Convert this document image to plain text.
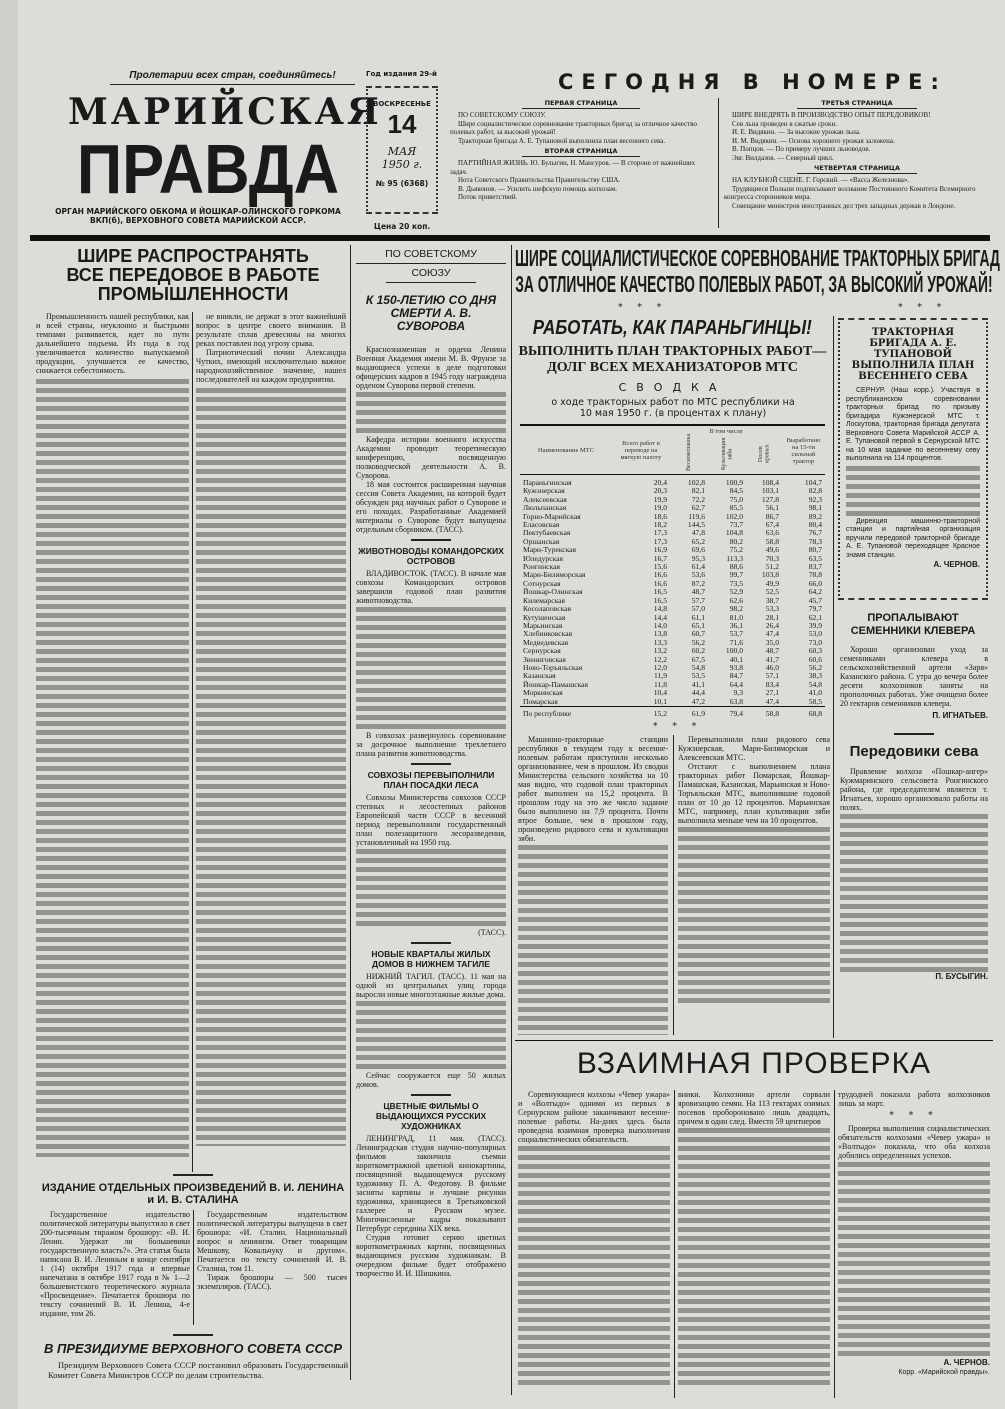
Пролетарии всех стран, соединяйтесь!
МАРИЙСКАЯ
ПРАВДА
ОРГАН МАРИЙСКОГО ОБКОМА И ЙОШКАР-ОЛИНСКОГО ГОРКОМА ВКП(б), ВЕРХОВНОГО СОВЕТА МАРИЙСКОЙ АССР.
Год издания 29-й
ВОСКРЕСЕНЬЕ
14
МАЯ
1950 г.
№ 95 (6368)
Цена 20 коп.
СЕГОДНЯ В НОМЕРЕ:
ПЕРВАЯ СТРАНИЦА
ПО СОВЕТСКОМУ СОЮЗУ.
Шире социалистическое соревнование тракторных бригад за отличное качество полевых работ, за высокий урожай!
Тракторная бригада А. Е. Тупановой выполнила план весеннего сева.
ВТОРАЯ СТРАНИЦА
ПАРТИЙНАЯ ЖИЗНЬ. Ю. Булыгин, Н. Мансуров. — В стороне от важнейших задач.
Нота Советского Правительства Правительству США.
В. Дьяконов. — Усилить шефскую помощь колхозам.
Поток приветствий.
ТРЕТЬЯ СТРАНИЦА
ШИРЕ ВНЕДРЯТЬ В ПРОИЗВОДСТВО ОПЫТ ПЕРЕДОВИКОВ!
Сев льна проведен в сжатые сроки.
И. Е. Видякин. — За высокие урожаи льна.
И. М. Видякин. — Основа хорошего урожая заложена.
В. Попцов. — По примеру лучших льноводов.
Эвг. Вилдазов. — Северный цикл.
ЧЕТВЕРТАЯ СТРАНИЦА
НА КЛУБНОЙ СЦЕНЕ. Г. Горский. — «Васса Железнова».
Трудящиеся Польши подписывают воззвание Постоянного Комитета Всемирного конгресса сторонников мира.
Совещание министров иностранных дел трех западных держав в Лондоне.
ШИРЕ РАСПРОСТРАНЯТЬ ВСЕ ПЕРЕДОВОЕ В РАБОТЕ ПРОМЫШЛЕННОСТИ

Промышленность нашей республики, как и всей страны, неуклонно и быстрыми темпами развивается, идет по пути дальнейшего подъема. Из года в год увеличивается количество выпускаемой продукции, улучшается ее качество, снижается себестоимость.

не вникли, не держат в этот важнейший вопрос в центре своего внимания. В результате сплав древесины на многих реках поставлен под угрозу срыва.

Патриотический почин Александра Чутких, имеющий исключительно важное народнохозяйственное значение, нашел последователей на каждом предприятии.

ИЗДАНИЕ ОТДЕЛЬНЫХ ПРОИЗВЕДЕНИЙ В. И. ЛЕНИНА и И. В. СТАЛИНА
Государственное издательство политической литературы выпустило в свет 200-тысячным тиражом брошюру: «В. И. Ленин. Удержат ли большевики государственную власть?». Эта статья была написана В. И. Лениным в конце сентября 1 (14) октября 1917 года и впервые напечатана в октябре 1917 года в № 1—2 большевистского теоретического журнала «Просвещение». Печатается брошюра по тексту сочинений В. И. Ленина, 4-е издание, том 26.

Государственным издательством политической литературы выпущена в свет брошюра: «И. Сталин. Национальный вопрос и ленинизм. Ответ товарищам Мешкову, Ковальчуку и другим». Печатается по тексту сочинений И. В. Сталина, том 11.

Тираж брошюры — 500 тысяч экземпляров. (ТАСС).

В ПРЕЗИДИУМЕ ВЕРХОВНОГО СОВЕТА СССР
Президиум Верховного Совета СССР постановил образовать Государственный Комитет Совета Министров СССР по делам строительства.
ПО СОВЕТСКОМУ
СОЮЗУ
К 150-ЛЕТИЮ СО ДНЯ СМЕРТИ А. В. СУВОРОВА

Краснознаменная и ордена Ленина Военная Академия имени М. В. Фрунзе за выдающиеся успехи в деле подготовки офицерских кадров в 1945 году награждена орденом Суворова первой степени.

Кафедра истории военного искусства Академии проводит теоретическую конференцию, посвященную полководческой деятельности А. В. Суворова.

18 мая состоится расширенная научная сессия Совета Академии, на которой будет обсужден ряд научных работ о Суворове и его походах. Разработанные Академией материалы о Суворове будут выпущены отдельным сборником. (ТАСС).

ЖИВОТНОВОДЫ КОМАНДОРСКИХ ОСТРОВОВ

ВЛАДИВОСТОК. (ТАСС). В начале мая совхозы Командорских островов завершили годовой план развития животноводства.

В совхозах развернулось соревнование за досрочное выполнение трехлетнего плана развития животноводства.

СОВХОЗЫ ПЕРЕВЫПОЛНИЛИ ПЛАН ПОСАДКИ ЛЕСА

Совхозы Министерства совхозов СССР степных и лесостепных районов Европейской части СССР в весенний период перевыполнили государственный план полезащитного лесоразведения, установленный на 1950 год.

(ТАСС).
НОВЫЕ КВАРТАЛЫ ЖИЛЫХ ДОМОВ В НИЖНЕМ ТАГИЛЕ

НИЖНИЙ ТАГИЛ. (ТАСС). 11 мая на одной из центральных улиц города выросли новые многоэтажные жилые дома.

Сейчас сооружается еще 50 жилых домов.

ЦВЕТНЫЕ ФИЛЬМЫ О ВЫДАЮЩИХСЯ РУССКИХ ХУДОЖНИКАХ

ЛЕНИНГРАД, 11 мая. (ТАСС). Ленинградская студия научно-популярных фильмов закончила съемки короткометражной цветной кинокартины, посвященной выдающемуся русскому художнику П. А. Федотову. В фильме засняты картины и лучшие рисунки художника, хранящиеся в Третьяковской галлерее и Русском музее. Многочисленные кадры показывают Петербург середины XIX века.

Студия готовит серию цветных короткометражных картин, посвященных выдающимся русским художникам. В очередном фильме будет отображено творчество И. И. Шишкина.

ШИРЕ СОЦИАЛИСТИЧЕСКОЕ СОРЕВНОВАНИЕ ТРАКТОРНЫХ БРИГАД
ЗА ОТЛИЧНОЕ КАЧЕСТВО ПОЛЕВЫХ РАБОТ, ЗА ВЫСОКИЙ УРОЖАЙ!
* * *
РАБОТАТЬ, КАК ПАРАНЬГИНЦЫ!
ВЫПОЛНИТЬ ПЛАН ТРАКТОРНЫХ РАБОТ— ДОЛГ ВСЕХ МЕХАНИЗАТОРОВ МТС
СВОДКА
о ходе тракторных работ по МТС республики на 10 мая 1950 г. (в процентах к плану)
Наименование МТС	Всего работ в переводе на мягкую пахоту	В том числе			Выработано на 15-ти сильный трактор
		Весновспашка	Культивация зяби	Посев яровых	
Параньгинская	20,4	102,8	100,9	108,4	104,7
Кужэнерская	20,3	82,1	84,5	103,1	82,8
Алексеевская	19,9	72,2	75,0	127,8	92,3
Люльпанская	19,0	62,7	85,5	56,1	98,1
Горно-Марийская	18,6	119,6	102,0	86,7	89,2
Еласовская	18,2	144,5	73,7	67,4	80,4
Пектубаевская	17,3	47,8	104,8	63,6	76,7
Оршанская	17,3	65,2	80,2	58,8	78,3
Мари-Турекская	16,9	69,6	75,2	49,6	80,7
Юледурская	16,7	95,3	113,3	70,3	63,5
Ронгинская	15,6	61,4	88,6	51,2	83,7
Мари-Биляморская	16,6	53,6	99,7	103,8	78,8
Сотнурская	16,6	87,2	73,5	49,9	66,0
Йошкар-Олинская	16,5	48,7	52,9	52,5	64,2
Килемарская	16,5	57,7	62,6	38,7	45,7
Косолаповская	14,8	57,0	98,2	53,3	79,7
Кутушенская	14,4	61,1	81,0	28,1	62,1
Марьинская	14,0	65,1	36,1	26,4	39,9
Хлебниковская	13,8	60,7	53,7	47,4	53,0
Медведевская	13,3	56,2	71,6	35,0	73,0
Сернурская	13,2	60,2	100,0	48,7	60,3
Звениговская	12,2	67,5	40,1	41,7	60,6
Ново-Торъяльская	12,0	54,8	93,8	46,0	56,2
Казанская	11,9	53,5	84,7	57,1	38,3
Йошкар-Памашская	11,8	41,1	64,4	83,4	54,8
Моркинская	10,4	44,4	9,3	27,1	41,0
Помарская	10,1	47,2	63,8	47,4	58,5
По республике	15,2	61,9	79,4	58,8	68,8
* * *

Машинно-тракторные станции республики в текущем году к весенне-полевым работам приступили несколько организованнее, чем в прошлом. Из сводки Министерства сельского хозяйства на 10 мая видно, что годовой план тракторных работ выполнен на 15,2 процента. В прошлом году на это же число задание было выполнено на 7,9 процента. Почти втрое больше, чем в прошлом году, произведено рядового сева и культивации зяби.

Перевыполнили план рядового сева Кужэнерская, Мари-Биляморская и Алексеевская МТС.

Отстают с выполнением плана тракторных работ Помарская, Йошкар-Памашская, Казанская, Марьинская и Ново-Торъяльская МТС, выполнившие годовой план от 10 до 12 процентов. Марьинская МТС, например, план культивации зяби выполнила меньше чем на 10 процентов.

* * *
ТРАКТОРНАЯ БРИГАДА А. Е. ТУПАНОВОЙ ВЫПОЛНИЛА ПЛАН ВЕСЕННЕГО СЕВА

СЕРНУР. (Наш корр.). Участвуя в республиканском соревновании тракторных бригад по призыву бригадира Кужэнерской МТС т. Лоскутова, тракторная бригада депутата Верховного Совета Марийской АССР А. Е. Тупановой первой в Сернурской МТС на 10 мая задание по весеннему севу выполнила на 114 процентов.

Дирекция машинно-тракторной станции и партийная организация вручили передовой тракторной бригаде А. Е. Тупановой переходящее Красное знамя станции.

А. ЧЕРНОВ.
ПРОПАЛЫВАЮТ СЕМЕННИКИ КЛЕВЕРА

Хорошо организован уход за семенниками клевера в сельскохозяйственной артели «Заря» Казанского района. С утра до вечера более десяти колхозников заняты на прополочных работах. Уже очищено более 20 гектаров семенников клевера.

П. ИГНАТЬЕВ.
Передовики сева

Правление колхоза «Пошкар-ангер» Кужмаринского сельсовета Ронгинского района, где председателем является т. Игнатьев, хорошо организовало работы на полях.

П. БУСЫГИН.
ВЗАИМНАЯ ПРОВЕРКА

Соревнующиеся колхозы «Чевер ужара» и «Волтыдо» одними из первых в Сернурском районе заканчивают весенне-полевые работы. На-днях здесь была проведена взаимная проверка выполнения социалистических обязательств.

вники. Колхозники артели сорвали яровизацию семян. На 113 гектарах озимых посевов пробороновано лишь двадцать, причем в один след. Вместо 59 центнеров

трудодней показала работа колхозников лишь за март.

* * *

Проверка выполнения социалистических обязательств колхозами «Чевер ужара» и «Волтыдо» показала, что оба колхоза добились определенных успехов.

А. ЧЕРНОВ.
Корр. «Марийской правды».
